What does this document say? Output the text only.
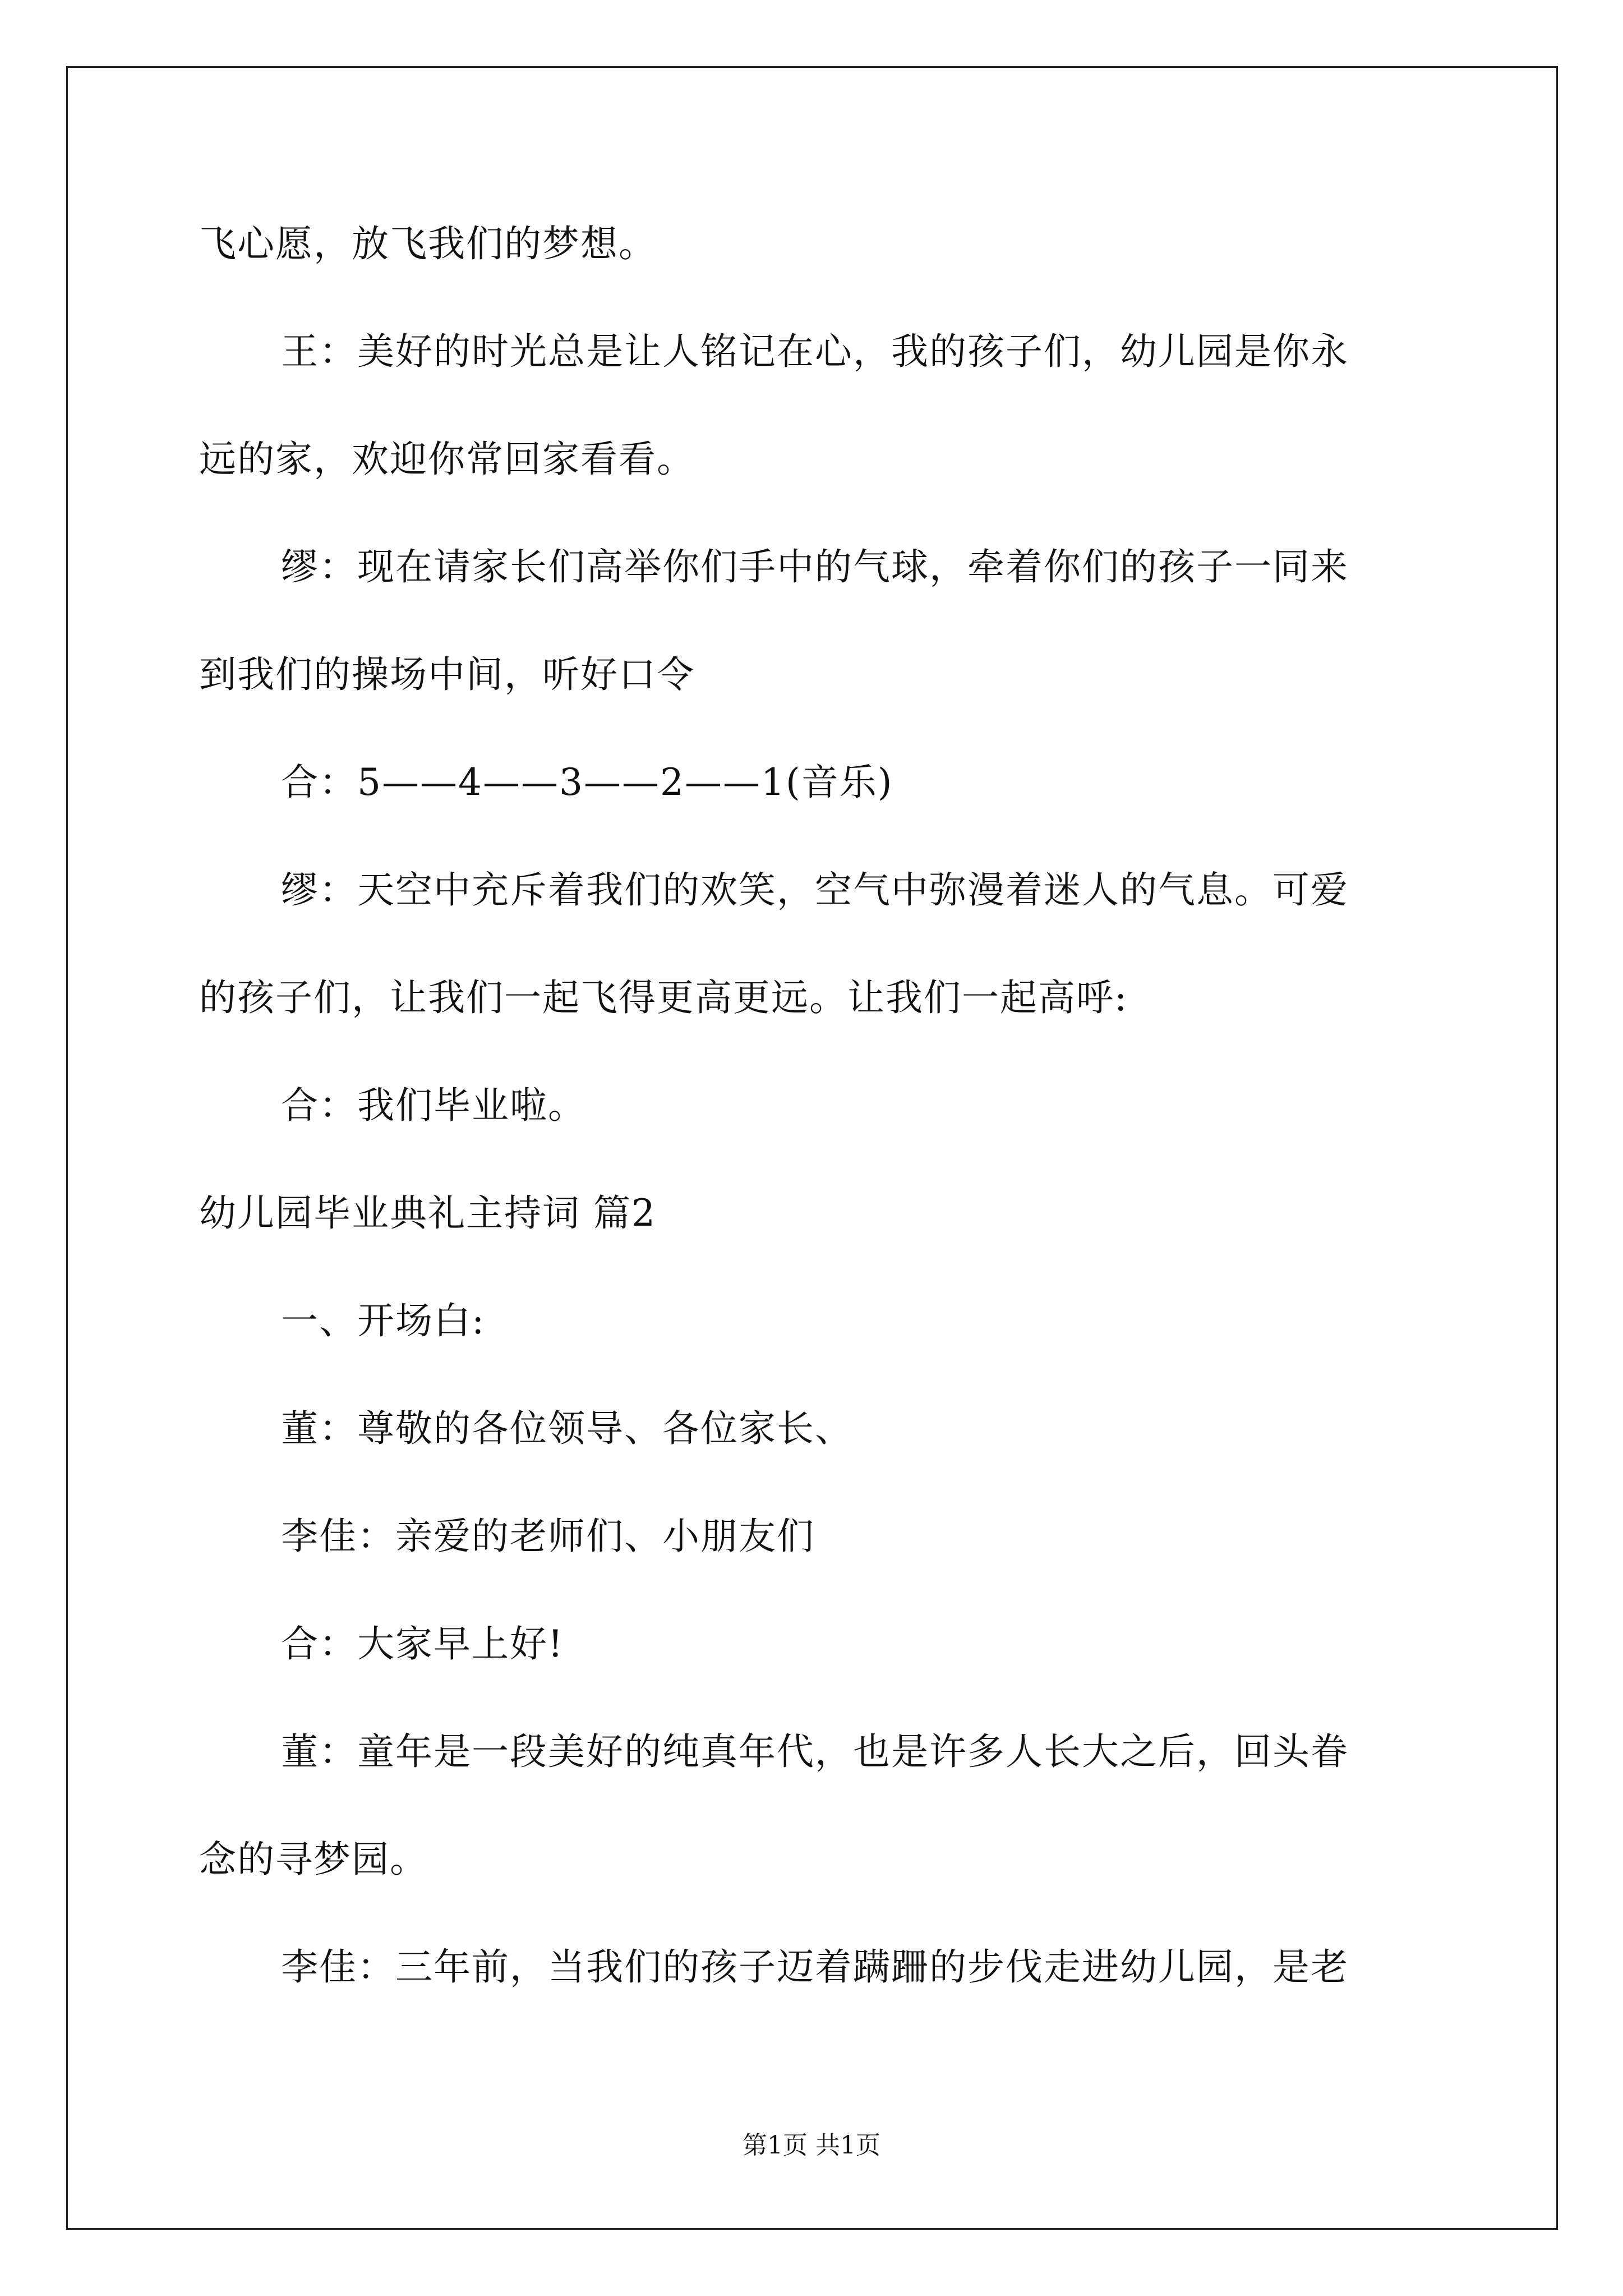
飞心愿，放飞我们的梦想。
王：美好的时光总是让人铭记在心，我的孩子们，幼儿园是你永
远的家，欢迎你常回家看看。
缪：现在请家长们高举你们手中的气球，牵着你们的孩子一同来
到我们的操场中间，听好口令
合：5——4——3——2——1(音乐)
缪：天空中充斥着我们的欢笑，空气中弥漫着迷人的气息。可爱
的孩子们，让我们一起飞得更高更远。让我们一起高呼:
合：我们毕业啦。
幼儿园毕业典礼主持词 篇2
一、开场白:
董：尊敬的各位领导、各位家长、
李佳：亲爱的老师们、小朋友们
合：大家早上好!
董：童年是一段美好的纯真年代，也是许多人长大之后，回头眷
念的寻梦园。
李佳：三年前，当我们的孩子迈着蹒跚的步伐走进幼儿园，是老
第1页 共1页
